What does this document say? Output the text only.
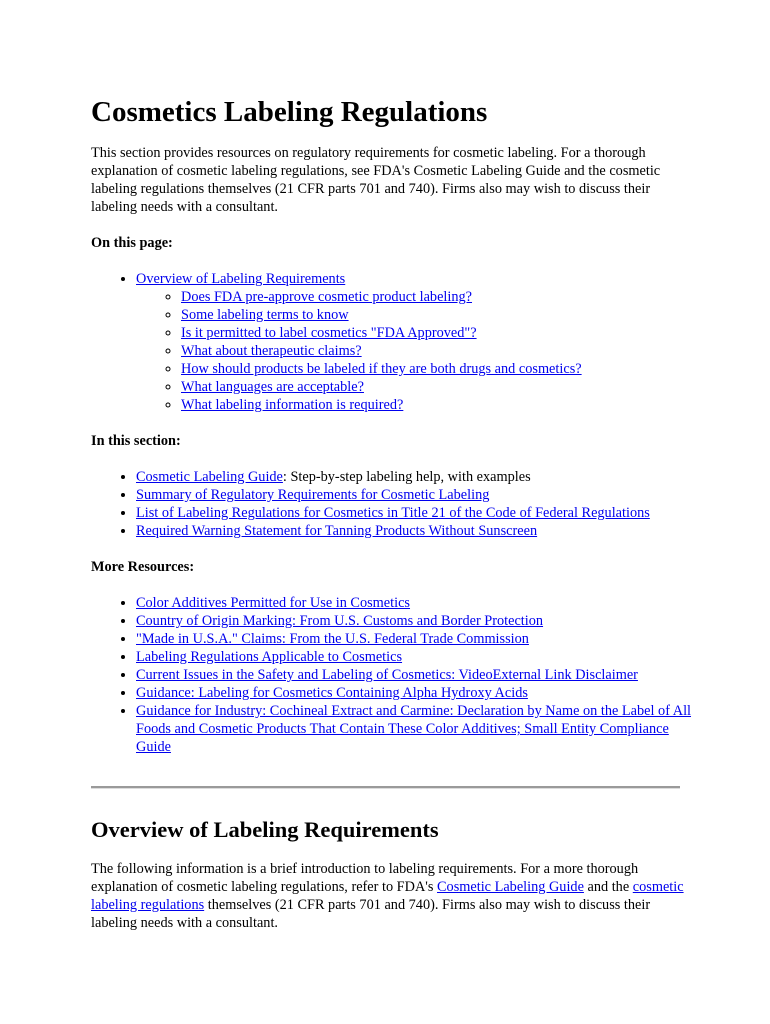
Cosmetics Labeling Regulations

This section provides resources on regulatory requirements for cosmetic labeling. For a thorough explanation of cosmetic labeling regulations, see FDA's Cosmetic Labeling Guide and the cosmetic labeling regulations themselves (21 CFR parts 701 and 740). Firms also may wish to discuss their labeling needs with a consultant.

On this page:
• Overview of Labeling Requirements
◦ Does FDA pre-approve cosmetic product labeling?
◦ Some labeling terms to know
◦ Is it permitted to label cosmetics "FDA Approved"?
◦ What about therapeutic claims?
◦ How should products be labeled if they are both drugs and cosmetics?
◦ What languages are acceptable?
◦ What labeling information is required?
In this section:
• Cosmetic Labeling Guide: Step-by-step labeling help, with examples
• Summary of Regulatory Requirements for Cosmetic Labeling
• List of Labeling Regulations for Cosmetics in Title 21 of the Code of Federal Regulations
• Required Warning Statement for Tanning Products Without Sunscreen
More Resources:
• Color Additives Permitted for Use in Cosmetics
• Country of Origin Marking: From U.S. Customs and Border Protection
• "Made in U.S.A." Claims: From the U.S. Federal Trade Commission
• Labeling Regulations Applicable to Cosmetics
• Current Issues in the Safety and Labeling of Cosmetics: VideoExternal Link Disclaimer
• Guidance: Labeling for Cosmetics Containing Alpha Hydroxy Acids
• Guidance for Industry: Cochineal Extract and Carmine: Declaration by Name on the Label of All Foods and Cosmetic Products That Contain These Color Additives; Small Entity Compliance Guide
Overview of Labeling Requirements

The following information is a brief introduction to labeling requirements. For a more thorough explanation of cosmetic labeling regulations, refer to FDA's Cosmetic Labeling Guide and the cosmetic labeling regulations themselves (21 CFR parts 701 and 740). Firms also may wish to discuss their labeling needs with a consultant.
